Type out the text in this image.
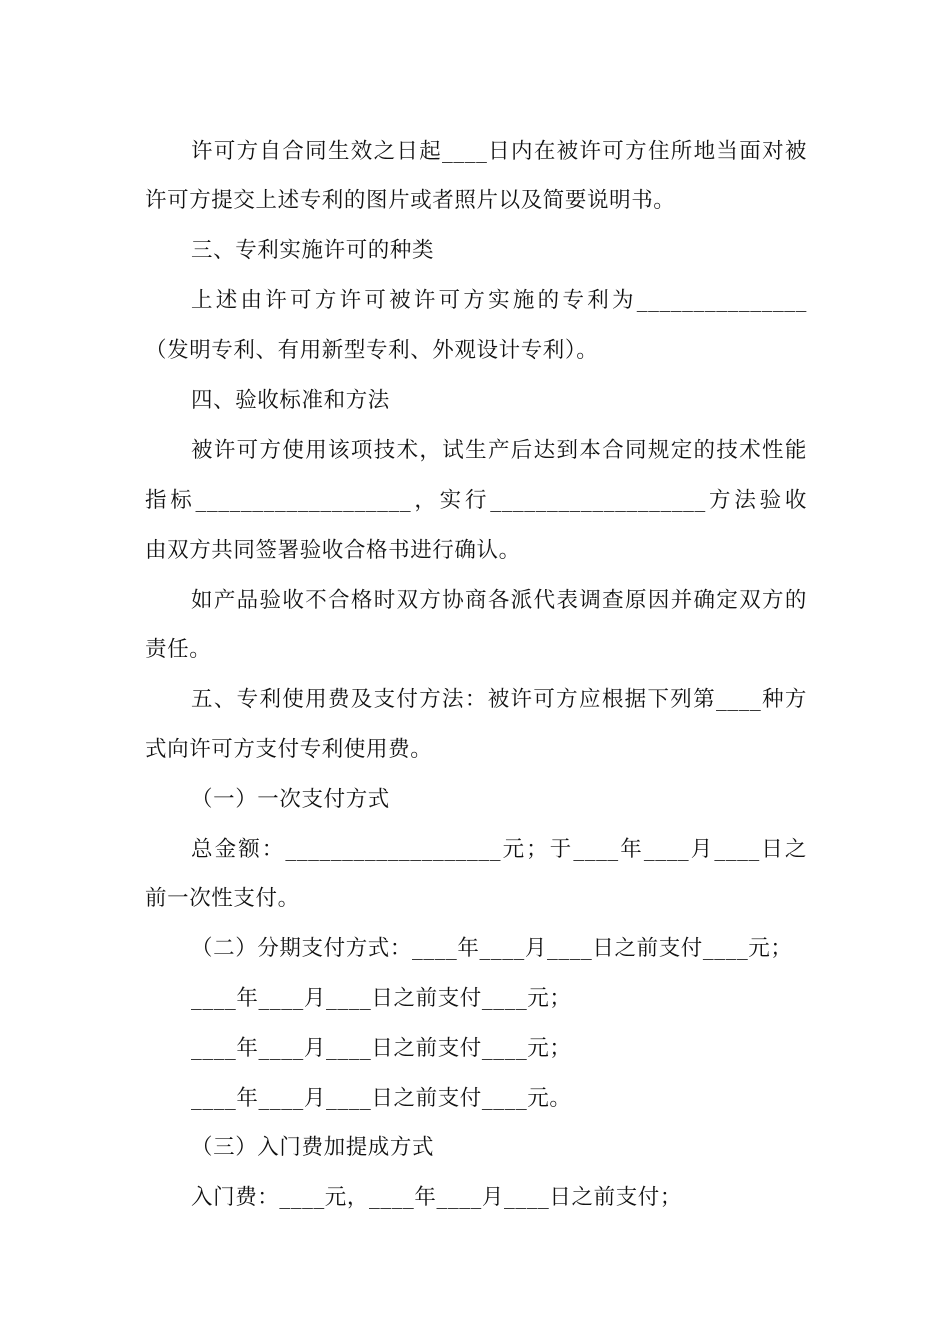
许可方自合同生效之日起____日内在被许可方住所地当面对被
许可方提交上述专利的图片或者照片以及简要说明书。
三、专利实施许可的种类
上述由许可方许可被许可方实施的专利为_______________
（发明专利、有用新型专利、外观设计专利）。
四、验收标准和方法
被许可方使用该项技术，试生产后达到本合同规定的技术性能
指标___________________，实行___________________方法验收
由双方共同签署验收合格书进行确认。
如产品验收不合格时双方协商各派代表调查原因并确定双方的
责任。
五、专利使用费及支付方法：被许可方应根据下列第____种方
式向许可方支付专利使用费。
（一）一次支付方式
总金额：___________________元；于____年____月____日之
前一次性支付。
（二）分期支付方式：____年____月____日之前支付____元；
____年____月____日之前支付____元；
____年____月____日之前支付____元；
____年____月____日之前支付____元。
（三）入门费加提成方式
入门费：____元，____年____月____日之前支付；
